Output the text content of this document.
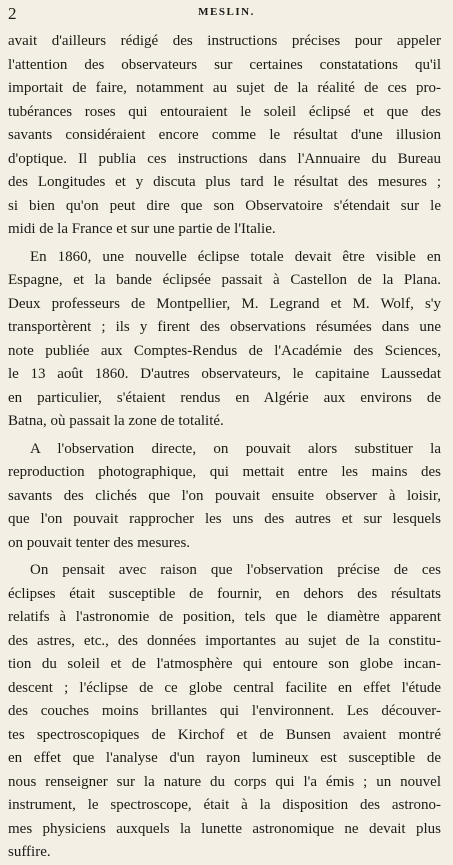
2	MESLIN.
avait d'ailleurs rédigé des instructions précises pour appeler
l'attention des observateurs sur certaines constatations qu'il
importait de faire, notamment au sujet de la réalité de ces pro-
tubérances roses qui entouraient le soleil éclipsé et que des
savants considéraient encore comme le résultat d'une illusion
d'optique. Il publia ces instructions dans l'Annuaire du Bureau
des Longitudes et y discuta plus tard le résultat des mesures ;
si bien qu'on peut dire que son Observatoire s'étendait sur le
midi de la France et sur une partie de l'Italie.
En 1860, une nouvelle éclipse totale devait être visible en
Espagne, et la bande éclipsée passait à Castellon de la Plana.
Deux professeurs de Montpellier, M. Legrand et M. Wolf, s'y
transportèrent ; ils y firent des observations résumées dans une
note publiée aux Comptes-Rendus de l'Académie des Sciences,
le 13 août 1860. D'autres observateurs, le capitaine Laussedat
en particulier, s'étaient rendus en Algérie aux environs de
Batna, où passait la zone de totalité.
A l'observation directe, on pouvait alors substituer la
reproduction photographique, qui mettait entre les mains des
savants des clichés que l'on pouvait ensuite observer à loisir,
que l'on pouvait rapprocher les uns des autres et sur lesquels
on pouvait tenter des mesures.
On pensait avec raison que l'observation précise de ces
éclipses était susceptible de fournir, en dehors des résultats
relatifs à l'astronomie de position, tels que le diamètre apparent
des astres, etc., des données importantes au sujet de la constitu-
tion du soleil et de l'atmosphère qui entoure son globe incan-
descent ; l'éclipse de ce globe central facilite en effet l'étude
des couches moins brillantes qui l'environnent. Les découver-
tes spectroscopiques de Kirchof et de Bunsen avaient montré
en effet que l'analyse d'un rayon lumineux est susceptible de
nous renseigner sur la nature du corps qui l'a émis ; un nouvel
instrument, le spectroscope, était à la disposition des astrono-
mes physiciens auxquels la lunette astronomique ne devait plus
suffire.
